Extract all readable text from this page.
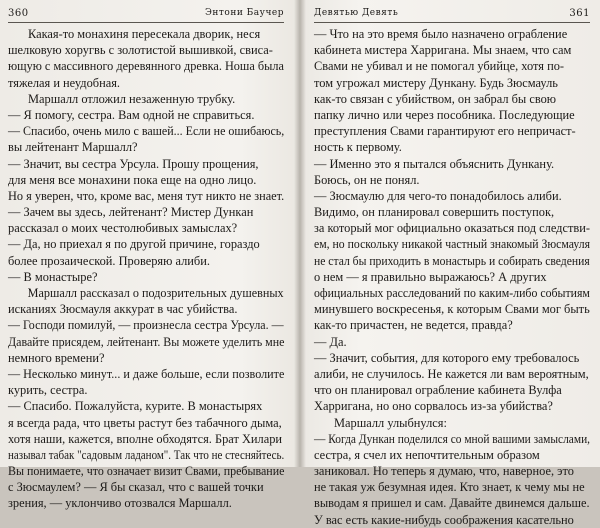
360	Энтони Баучер
Какая-то монахиня пересекала дворик, неся
шелковую хоругвь с золотистой вышивкой, свиса-
ющую с массивного деревянного древка. Ноша была
тяжелая и неудобная.
Маршалл отложил незаженную трубку.
— Я помогу, сестра. Вам одной не справиться.
— Спасибо, очень мило с вашей... Если не ошибаюсь,
вы лейтенант Маршалл?
— Значит, вы сестра Урсула. Прошу прощения,
для меня все монахини пока еще на одно лицо.
Но я уверен, что, кроме вас, меня тут никто не знает.
— Зачем вы здесь, лейтенант? Мистер Дункан
рассказал о моих честолюбивых замыслах?
— Да, но приехал я по другой причине, гораздо
более прозаической. Проверяю алиби.
— В монастыре?
Маршалл рассказал о подозрительных душевных
исканиях Зюсмауля аккурат в час убийства.
— Господи помилуй, — произнесла сестра Урсула. —
Давайте присядем, лейтенант. Вы можете уделить мне
немного времени?
— Несколько минут... и даже больше, если позволите
курить, сестра.
— Спасибо. Пожалуйста, курите. В монастырях
я всегда рада, что цветы растут без табачного дыма,
хотя наши, кажется, вполне обходятся. Брат Хилари
называл табак "садовым ладаном". Так что не стесняйтесь.
Вы понимаете, что означает визит Свами, пребывание
с Зюсмаулем? — Я бы сказал, что с вашей точки
зрения, — уклончиво отозвался Маршалл.
Девятью Девять	361
— Что на это время было назначено ограбление
кабинета мистера Харригана. Мы знаем, что сам
Свами не убивал и не помогал убийце, хотя по-
том угрожал мистеру Дункану. Будь Зюсмауль
как-то связан с убийством, он забрал бы свою
папку лично или через пособника. Последующие
преступления Свами гарантируют его непричаст-
ность к первому.
— Именно это я пытался объяснить Дункану.
Боюсь, он не понял.
— Зюсмаулю для чего-то понадобилось алиби.
Видимо, он планировал совершить поступок,
за который мог официально оказаться под следстви-
ем, но поскольку никакой частный знакомый Зюсмауля
не стал бы приходить в монастырь и собирать сведения
о нем — я правильно выражаюсь? А других
официальных расследований по каким-либо событиям
минувшего воскресенья, к которым Свами мог быть
как-то причастен, не ведется, правда?
— Да.
— Значит, события, для которого ему требовалось
алиби, не случилось. Не кажется ли вам вероятным,
что он планировал ограбление кабинета Вулфа
Харригана, но оно сорвалось из-за убийства?
Маршалл улыбнулся:
— Когда Дункан поделился со мной вашими замыслами,
сестра, я счел их непочтительным образом
заниковал. Но теперь я думаю, что, наверное, это
не такая уж безумная идея. Кто знает, к чему мы не
выводам я пришел и сам. Давайте двинемся дальше.
У вас есть какие-нибудь соображения касательно
